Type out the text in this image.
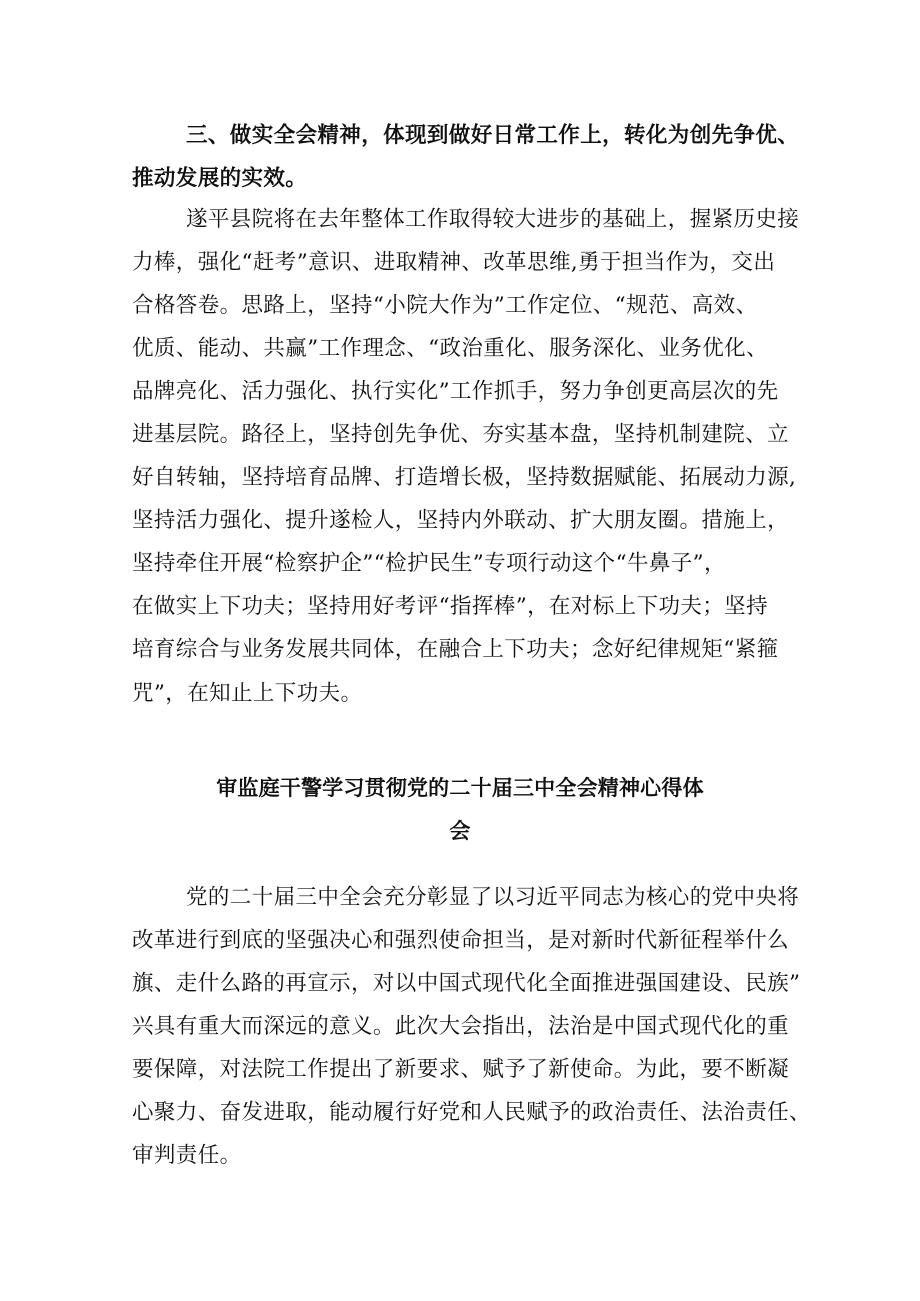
三、做实全会精神，体现到做好日常工作上，转化为创先争优、
推动发展的实效。
遂平县院将在去年整体工作取得较大进步的基础上，握紧历史接
力棒，强化“赶考”意识、进取精神、改革思维,勇于担当作为，交出
合格答卷。思路上，坚持“小院大作为”工作定位、“规范、高效、
优质、能动、共赢”工作理念、“政治重化、服务深化、业务优化、
品牌亮化、活力强化、执行实化”工作抓手，努力争创更高层次的先
进基层院。路径上，坚持创先争优、夯实基本盘，坚持机制建院、立
好自转轴，坚持培育品牌、打造增长极，坚持数据赋能、拓展动力源,
坚持活力强化、提升遂检人，坚持内外联动、扩大朋友圈。措施上，
坚持牵住开展“检察护企”“检护民生”专项行动这个“牛鼻子”，
在做实上下功夫；坚持用好考评“指挥棒”，在对标上下功夫；坚持
培育综合与业务发展共同体，在融合上下功夫；念好纪律规矩“紧箍
咒”，在知止上下功夫。
审监庭干警学习贯彻党的二十届三中全会精神心得体
会
党的二十届三中全会充分彰显了以习近平同志为核心的党中央将
改革进行到底的坚强决心和强烈使命担当，是对新时代新征程举什么
旗、走什么路的再宣示，对以中国式现代化全面推进强国建设、民族”
兴具有重大而深远的意义。此次大会指出，法治是中国式现代化的重
要保障，对法院工作提出了新要求、赋予了新使命。为此，要不断凝
心聚力、奋发进取，能动履行好党和人民赋予的政治责任、法治责任、
审判责任。
